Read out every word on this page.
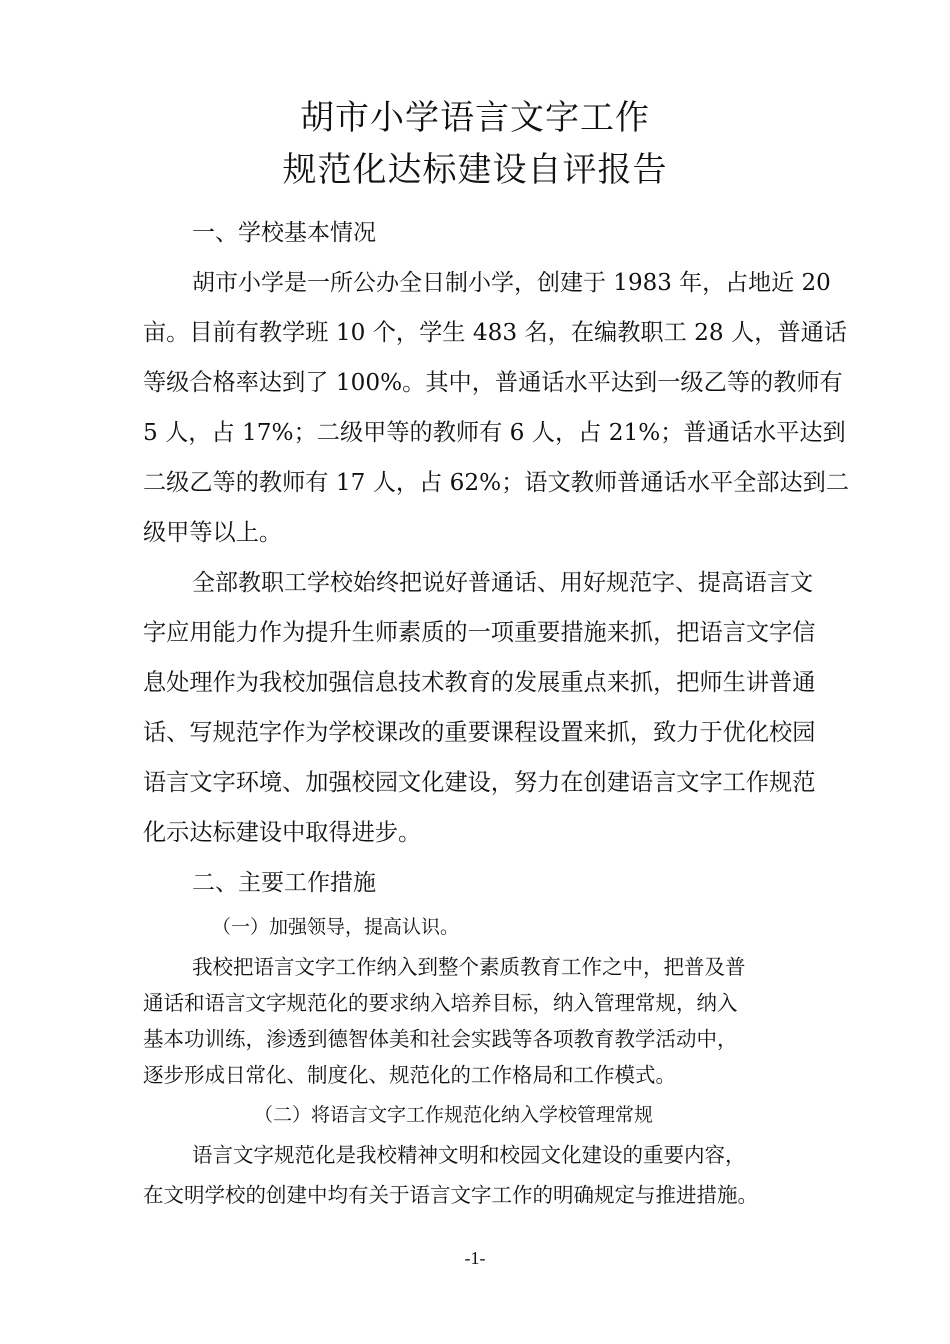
胡市小学语言文字工作
规范化达标建设自评报告

一、学校基本情况

胡市小学是一所公办全日制小学，创建于 1983 年，占地近 20

亩。目前有教学班 10 个，学生 483 名，在编教职工 28 人，普通话

等级合格率达到了 100%。其中，普通话水平达到一级乙等的教师有

5 人，占 17%；二级甲等的教师有 6 人，占 21%；普通话水平达到

二级乙等的教师有 17 人，占 62%；语文教师普通话水平全部达到二

级甲等以上。

全部教职工学校始终把说好普通话、用好规范字、提高语言文

字应用能力作为提升生师素质的一项重要措施来抓，把语言文字信

息处理作为我校加强信息技术教育的发展重点来抓，把师生讲普通

话、写规范字作为学校课改的重要课程设置来抓，致力于优化校园

语言文字环境、加强校园文化建设，努力在创建语言文字工作规范

化示达标建设中取得进步。

二、主要工作措施

（一）加强领导，提高认识。

我校把语言文字工作纳入到整个素质教育工作之中，把普及普

通话和语言文字规范化的要求纳入培养目标，纳入管理常规，纳入

基本功训练，渗透到德智体美和社会实践等各项教育教学活动中，

逐步形成日常化、制度化、规范化的工作格局和工作模式。

（二）将语言文字工作规范化纳入学校管理常规

语言文字规范化是我校精神文明和校园文化建设的重要内容，

在文明学校的创建中均有关于语言文字工作的明确规定与推进措施。

-1-
